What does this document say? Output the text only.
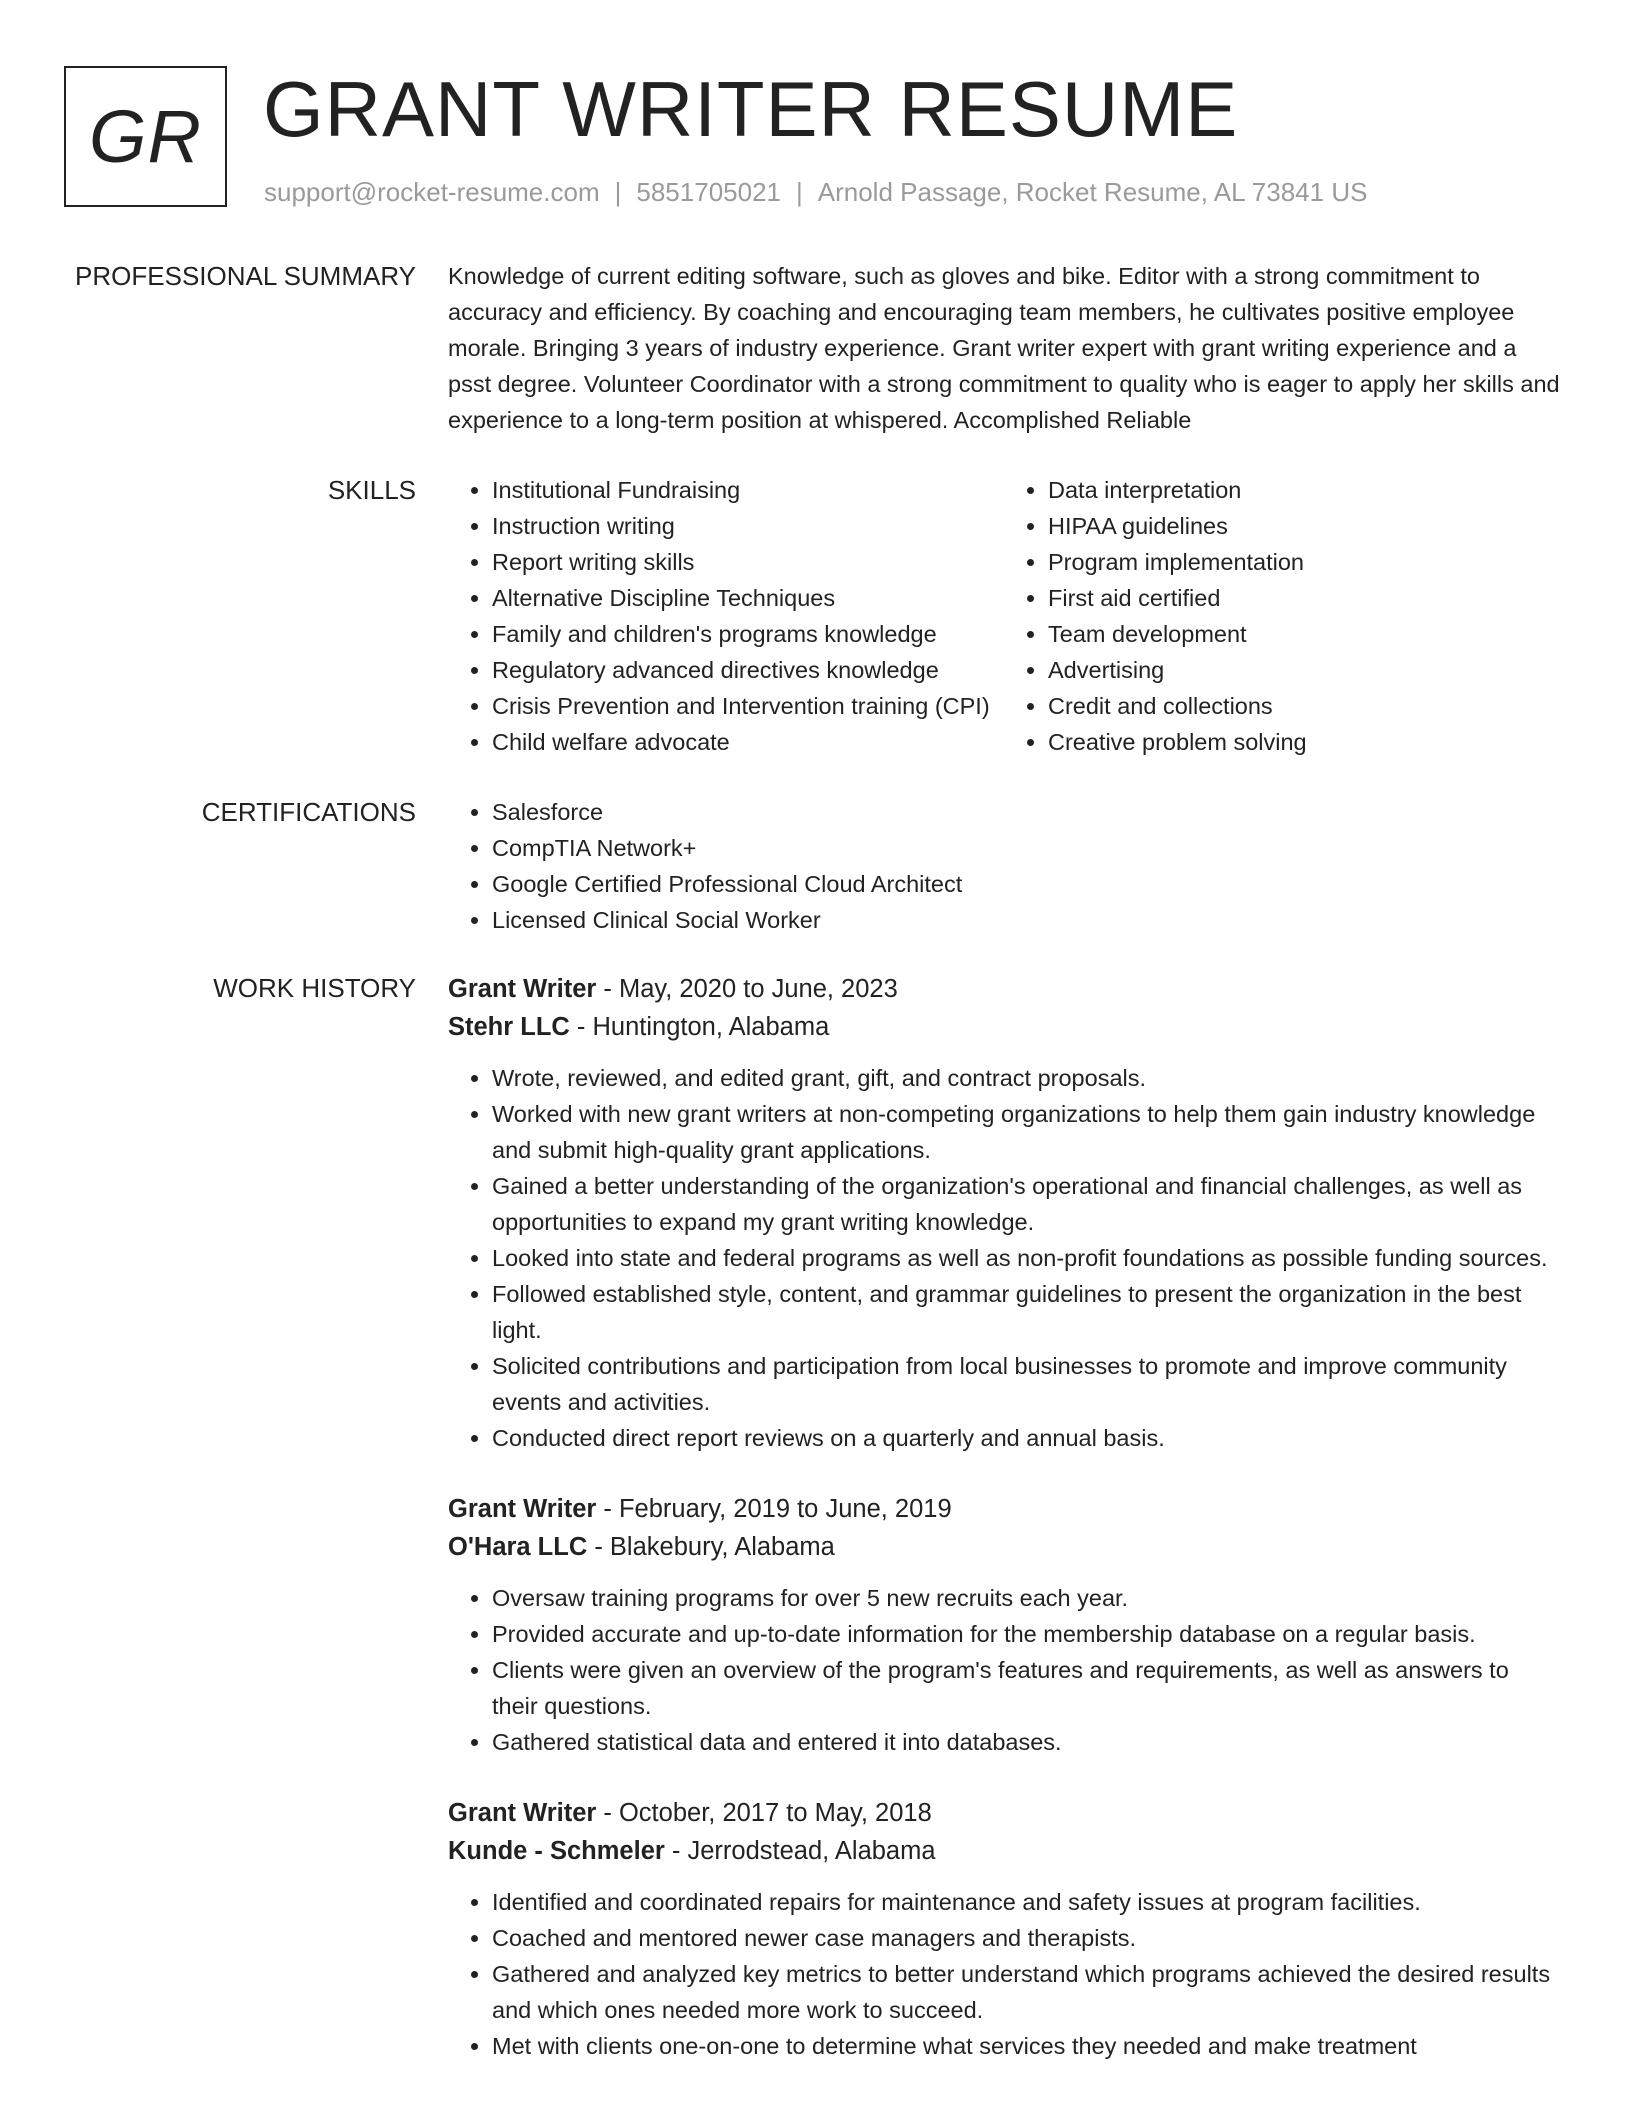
GR GRANT WRITER RESUME
support@rocket-resume.com | 5851705021 | Arnold Passage, Rocket Resume, AL 73841 US
PROFESSIONAL SUMMARY Knowledge of current editing software, such as gloves and bike. Editor with a strong commitment to accuracy and efficiency. By coaching and encouraging team members, he cultivates positive employee morale. Bringing 3 years of industry experience. Grant writer expert with grant writing experience and a psst degree. Volunteer Coordinator with a strong commitment to quality who is eager to apply her skills and experience to a long-term position at whispered. Accomplished Reliable

SKILLS	• Institutional Fundraising
• Instruction writing
• Report writing skills
• Alternative Discipline Techniques
• Family and children's programs knowledge
• Regulatory advanced directives knowledge
• Crisis Prevention and Intervention training (CPI)
• Child welfare advocate
• Data interpretation
• HIPAA guidelines
• Program implementation
• First aid certified
• Team development
• Advertising
• Credit and collections
• Creative problem solving
CERTIFICATIONS	• Salesforce
• CompTIA Network+
• Google Certified Professional Cloud Architect
• Licensed Clinical Social Worker
WORK HISTORY Grant Writer - May, 2020 to June, 2023
Stehr LLC - Huntington, Alabama
• Wrote, reviewed, and edited grant, gift, and contract proposals.
• Worked with new grant writers at non-competing organizations to help them gain industry knowledge and submit high-quality grant applications.
• Gained a better understanding of the organization's operational and financial challenges, as well as opportunities to expand my grant writing knowledge.
• Looked into state and federal programs as well as non-profit foundations as possible funding sources.
• Followed established style, content, and grammar guidelines to present the organization in the best light.
• Solicited contributions and participation from local businesses to promote and improve community events and activities.
• Conducted direct report reviews on a quarterly and annual basis.
Grant Writer - February, 2019 to June, 2019
O'Hara LLC - Blakebury, Alabama
• Oversaw training programs for over 5 new recruits each year.
• Provided accurate and up-to-date information for the membership database on a regular basis.
• Clients were given an overview of the program's features and requirements, as well as answers to their questions.
• Gathered statistical data and entered it into databases.
Grant Writer - October, 2017 to May, 2018
Kunde - Schmeler - Jerrodstead, Alabama
• Identified and coordinated repairs for maintenance and safety issues at program facilities.
• Coached and mentored newer case managers and therapists.
• Gathered and analyzed key metrics to better understand which programs achieved the desired results and which ones needed more work to succeed.
• Met with clients one-on-one to determine what services they needed and make treatment
